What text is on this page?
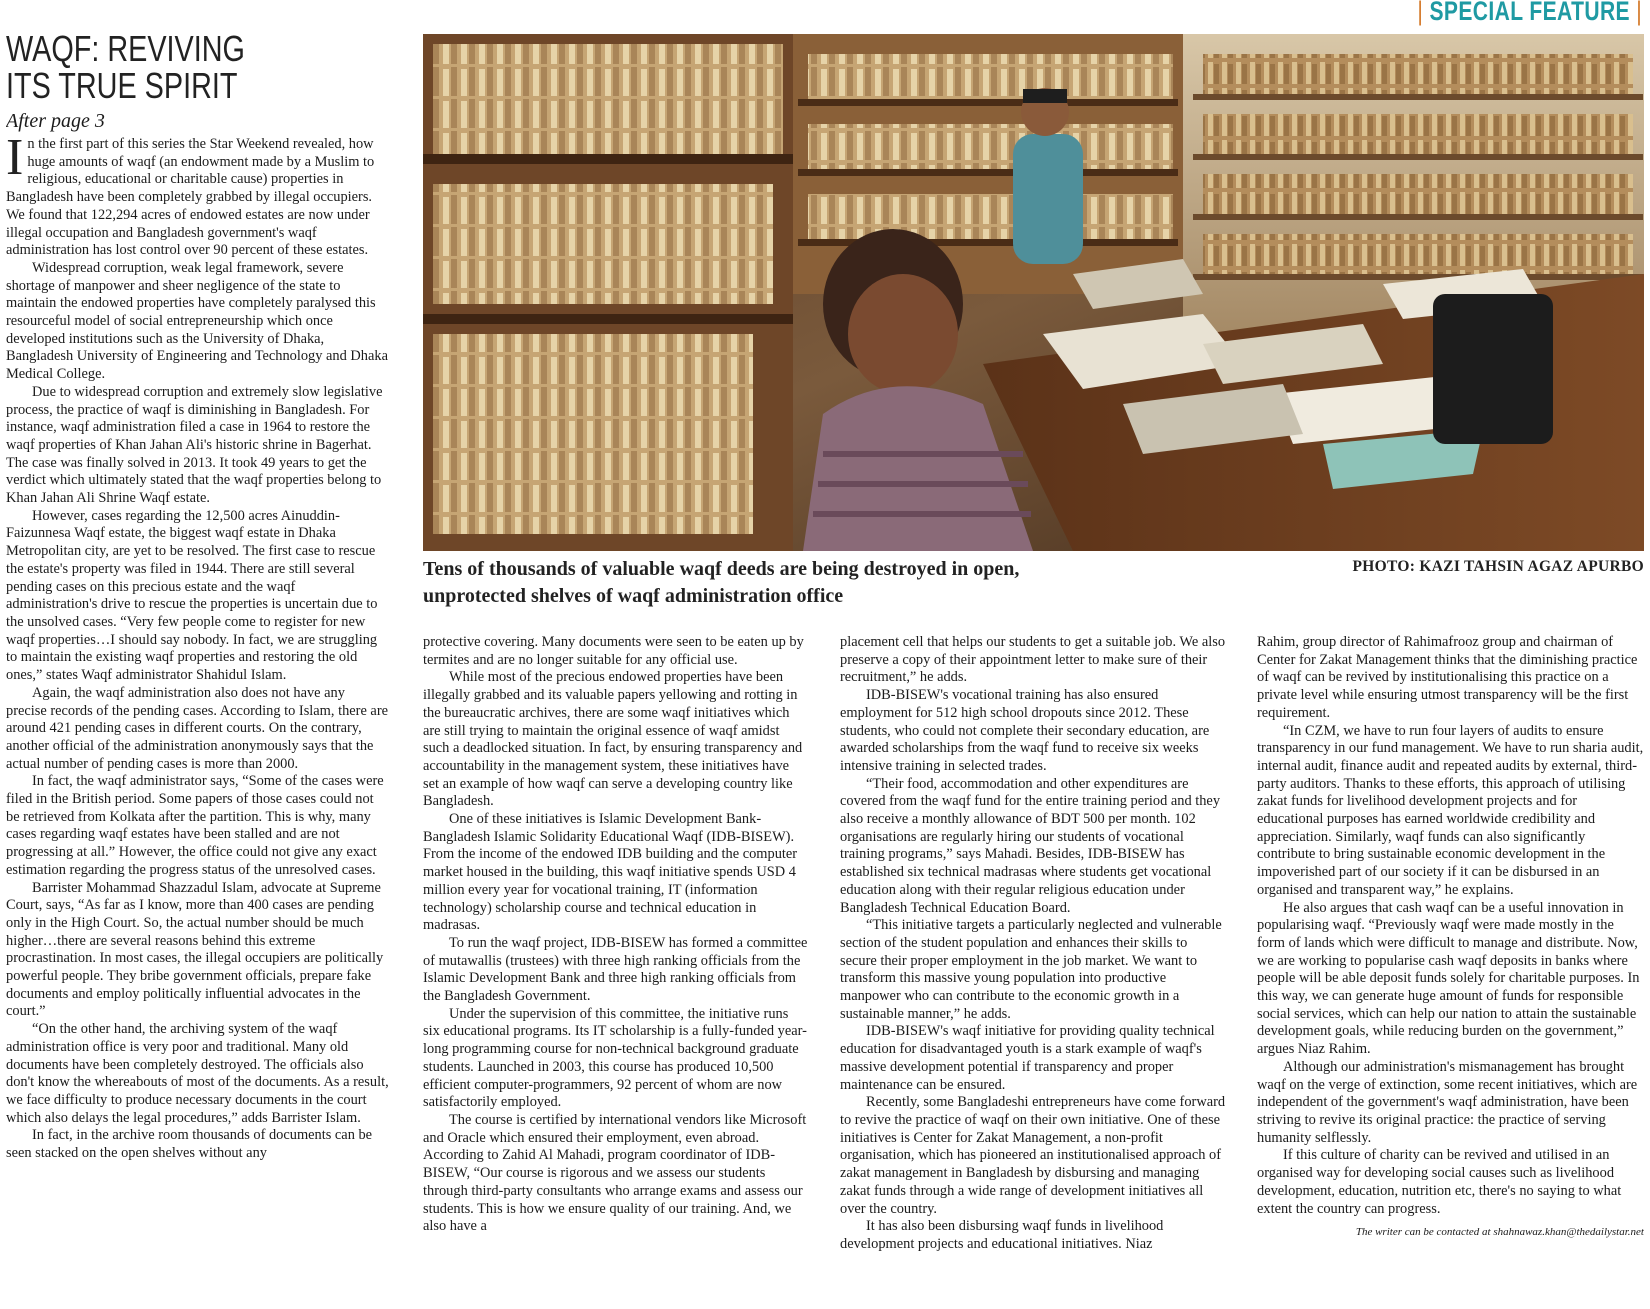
| SPECIAL FEATURE |
WAQF: REVIVING
ITS TRUE SPIRIT
After page 3

In the first part of this series the Star Weekend revealed, how huge amounts of waqf (an endowment made by a Muslim to religious, educational or charitable cause) properties in Bangladesh have been completely grabbed by illegal occupiers. We found that 122,294 acres of endowed estates are now under illegal occupation and Bangladesh government's waqf administration has lost control over 90 percent of these estates.

Widespread corruption, weak legal framework, severe shortage of manpower and sheer negligence of the state to maintain the endowed properties have completely paralysed this resourceful model of social entrepreneurship which once developed institutions such as the University of Dhaka, Bangladesh University of Engineering and Technology and Dhaka Medical College.

Due to widespread corruption and extremely slow legislative process, the practice of waqf is diminishing in Bangladesh. For instance, waqf administration filed a case in 1964 to restore the waqf properties of Khan Jahan Ali's historic shrine in Bagerhat. The case was finally solved in 2013. It took 49 years to get the verdict which ultimately stated that the waqf properties belong to Khan Jahan Ali Shrine Waqf estate.

However, cases regarding the 12,500 acres Ainuddin-Faizunnesa Waqf estate, the biggest waqf estate in Dhaka Metropolitan city, are yet to be resolved. The first case to rescue the estate's property was filed in 1944. There are still several pending cases on this precious estate and the waqf administration's drive to rescue the properties is uncertain due to the unsolved cases. “Very few people come to register for new waqf properties…I should say nobody. In fact, we are struggling to maintain the existing waqf properties and restoring the old ones,” states Waqf administrator Shahidul Islam.

Again, the waqf administration also does not have any precise records of the pending cases. According to Islam, there are around 421 pending cases in different courts. On the contrary, another official of the administration anonymously says that the actual number of pending cases is more than 2000.

In fact, the waqf administrator says, “Some of the cases were filed in the British period. Some papers of those cases could not be retrieved from Kolkata after the partition. This is why, many cases regarding waqf estates have been stalled and are not progressing at all.” However, the office could not give any exact estimation regarding the progress status of the unresolved cases.

Barrister Mohammad Shazzadul Islam, advocate at Supreme Court, says, “As far as I know, more than 400 cases are pending only in the High Court. So, the actual number should be much higher…there are several reasons behind this extreme procrastination. In most cases, the illegal occupiers are politically powerful people. They bribe government officials, prepare fake documents and employ politically influential advocates in the court.”

“On the other hand, the archiving system of the waqf administration office is very poor and traditional. Many old documents have been completely destroyed. The officials also don't know the whereabouts of most of the documents. As a result, we face difficulty to produce necessary documents in the court which also delays the legal procedures,” adds Barrister Islam.

In fact, in the archive room thousands of documents can be seen stacked on the open shelves without any

Tens of thousands of valuable waqf deeds are being destroyed in open, unprotected shelves of waqf administration office
PHOTO: KAZI TAHSIN AGAZ APURBO

protective covering. Many documents were seen to be eaten up by termites and are no longer suitable for any official use.

While most of the precious endowed properties have been illegally grabbed and its valuable papers yellowing and rotting in the bureaucratic archives, there are some waqf initiatives which are still trying to maintain the original essence of waqf amidst such a deadlocked situation. In fact, by ensuring transparency and accountability in the management system, these initiatives have set an example of how waqf can serve a developing country like Bangladesh.

One of these initiatives is Islamic Development Bank-Bangladesh Islamic Solidarity Educational Waqf (IDB-BISEW). From the income of the endowed IDB building and the computer market housed in the building, this waqf initiative spends USD 4 million every year for vocational training, IT (information technology) scholarship course and technical education in madrasas.

To run the waqf project, IDB-BISEW has formed a committee of mutawallis (trustees) with three high ranking officials from the Islamic Development Bank and three high ranking officials from the Bangladesh Government.

Under the supervision of this committee, the initiative runs six educational programs. Its IT scholarship is a fully-funded year-long programming course for non-technical background graduate students. Launched in 2003, this course has produced 10,500 efficient computer-programmers, 92 percent of whom are now satisfactorily employed.

The course is certified by international vendors like Microsoft and Oracle which ensured their employment, even abroad. According to Zahid Al Mahadi, program coordinator of IDB-BISEW, “Our course is rigorous and we assess our students through third-party consultants who arrange exams and assess our students. This is how we ensure quality of our training. And, we also have a

placement cell that helps our students to get a suitable job. We also preserve a copy of their appointment letter to make sure of their recruitment,” he adds.

IDB-BISEW's vocational training has also ensured employment for 512 high school dropouts since 2012. These students, who could not complete their secondary education, are awarded scholarships from the waqf fund to receive six weeks intensive training in selected trades.

“Their food, accommodation and other expenditures are covered from the waqf fund for the entire training period and they also receive a monthly allowance of BDT 500 per month. 102 organisations are regularly hiring our students of vocational training programs,” says Mahadi. Besides, IDB-BISEW has established six technical madrasas where students get vocational education along with their regular religious education under Bangladesh Technical Education Board.

“This initiative targets a particularly neglected and vulnerable section of the student population and enhances their skills to secure their proper employment in the job market. We want to transform this massive young population into productive manpower who can contribute to the economic growth in a sustainable manner,” he adds.

IDB-BISEW's waqf initiative for providing quality technical education for disadvantaged youth is a stark example of waqf's massive development potential if transparency and proper maintenance can be ensured.

Recently, some Bangladeshi entrepreneurs have come forward to revive the practice of waqf on their own initiative. One of these initiatives is Center for Zakat Management, a non-profit organisation, which has pioneered an institutionalised approach of zakat management in Bangladesh by disbursing and managing zakat funds through a wide range of development initiatives all over the country.

It has also been disbursing waqf funds in livelihood development projects and educational initiatives. Niaz

Rahim, group director of Rahimafrooz group and chairman of Center for Zakat Management thinks that the diminishing practice of waqf can be revived by institutionalising this practice on a private level while ensuring utmost transparency will be the first requirement.

“In CZM, we have to run four layers of audits to ensure transparency in our fund management. We have to run sharia audit, internal audit, finance audit and repeated audits by external, third-party auditors. Thanks to these efforts, this approach of utilising zakat funds for livelihood development projects and for educational purposes has earned worldwide credibility and appreciation. Similarly, waqf funds can also significantly contribute to bring sustainable economic development in the impoverished part of our society if it can be disbursed in an organised and transparent way,” he explains.

He also argues that cash waqf can be a useful innovation in popularising waqf. “Previously waqf were made mostly in the form of lands which were difficult to manage and distribute. Now, we are working to popularise cash waqf deposits in banks where people will be able deposit funds solely for charitable purposes. In this way, we can generate huge amount of funds for responsible social services, which can help our nation to attain the sustainable development goals, while reducing burden on the government,” argues Niaz Rahim.

Although our administration's mismanagement has brought waqf on the verge of extinction, some recent initiatives, which are independent of the government's waqf administration, have been striving to revive its original practice: the practice of serving humanity selflessly.

If this culture of charity can be revived and utilised in an organised way for developing social causes such as livelihood development, education, nutrition etc, there's no saying to what extent the country can progress.

The writer can be contacted at shahnawaz.khan@thedailystar.net
